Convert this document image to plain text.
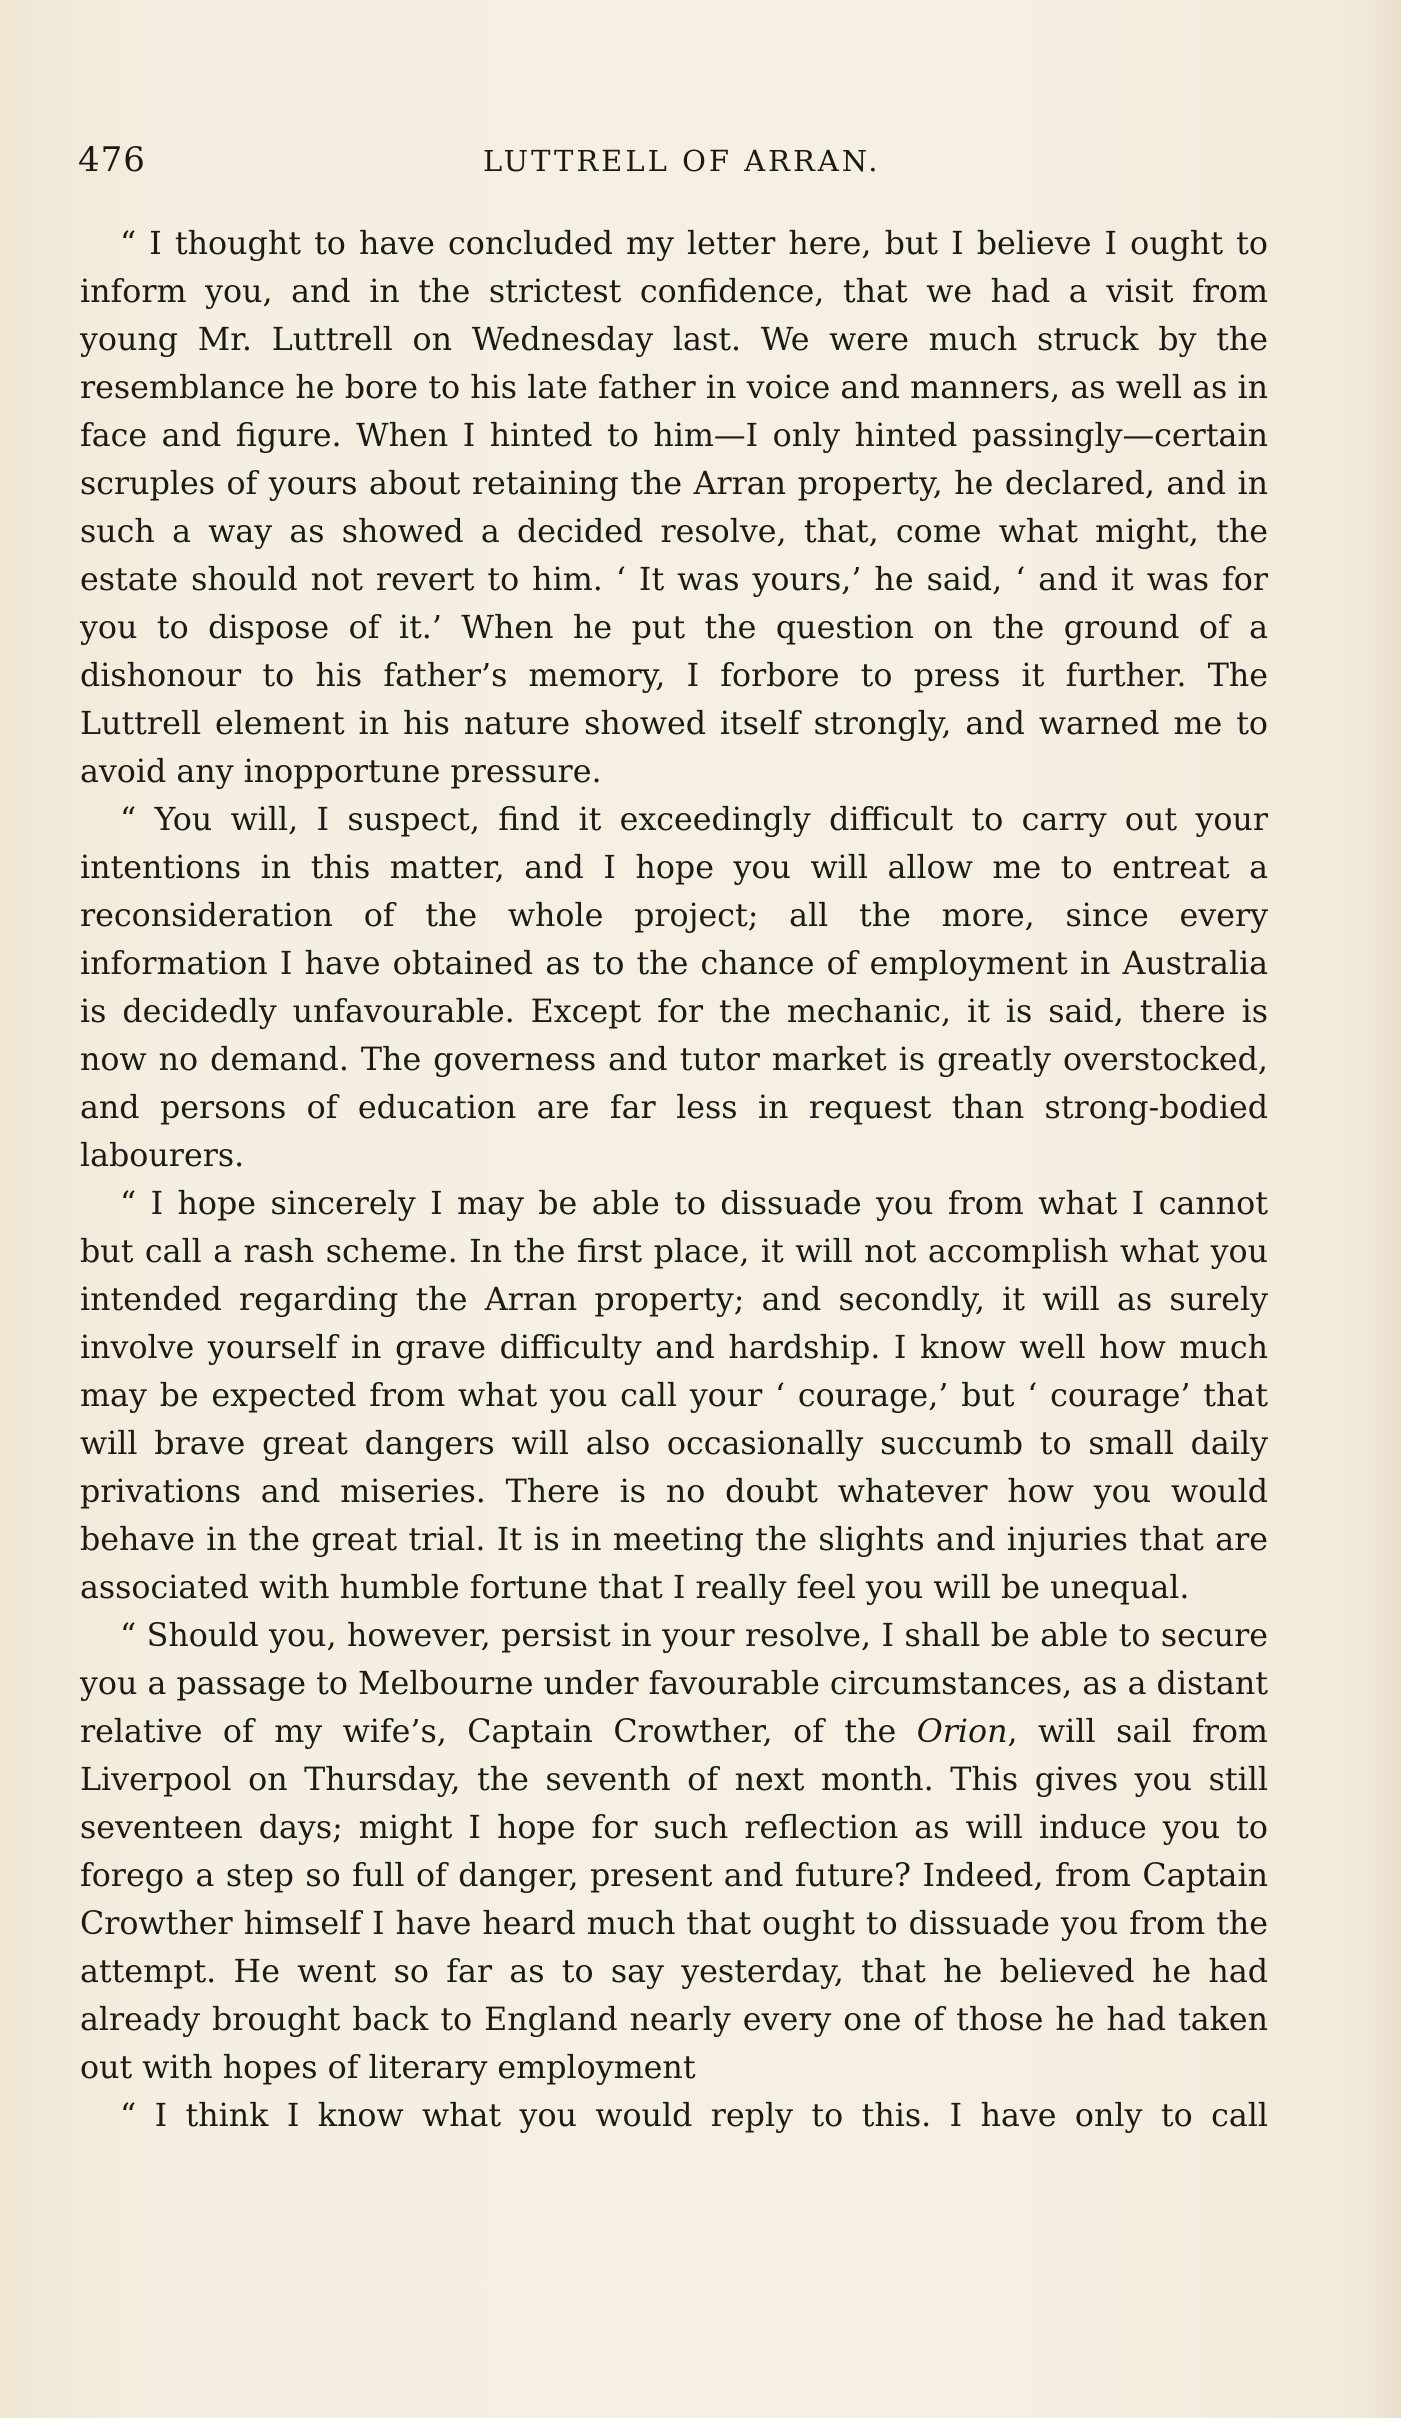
476	LUTTRELL OF ARRAN.

“ I thought to have concluded my letter here, but I believe I ought to inform you, and in the strictest confidence, that we had a visit from young Mr. Luttrell on Wednesday last. We were much struck by the resemblance he bore to his late father in voice and manners, as well as in face and figure. When I hinted to him—I only hinted passingly—certain scruples of yours about retaining the Arran property, he declared, and in such a way as showed a decided resolve, that, come what might, the estate should not revert to him. ‘ It was yours,’ he said, ‘ and it was for you to dispose of it.’ When he put the question on the ground of a dishonour to his father’s memory, I forbore to press it further. The Luttrell element in his nature showed itself strongly, and warned me to avoid any inopportune pressure.

“ You will, I suspect, find it exceedingly difficult to carry out your intentions in this matter, and I hope you will allow me to entreat a reconsideration of the whole project; all the more, since every information I have obtained as to the chance of employment in Australia is decidedly unfavourable. Except for the mechanic, it is said, there is now no demand. The governess and tutor market is greatly overstocked, and persons of education are far less in request than strong-bodied labourers.

“ I hope sincerely I may be able to dissuade you from what I cannot but call a rash scheme. In the first place, it will not accomplish what you intended regarding the Arran property; and secondly, it will as surely involve yourself in grave difficulty and hardship. I know well how much may be expected from what you call your ‘ courage,’ but ‘ courage’ that will brave great dangers will also occasionally succumb to small daily privations and miseries. There is no doubt whatever how you would behave in the great trial. It is in meeting the slights and injuries that are associated with humble fortune that I really feel you will be unequal.

“ Should you, however, persist in your resolve, I shall be able to secure you a passage to Melbourne under favourable circumstances, as a distant relative of my wife’s, Captain Crowther, of the Orion, will sail from Liverpool on Thursday, the seventh of next month. This gives you still seventeen days; might I hope for such reflection as will induce you to forego a step so full of danger, present and future? Indeed, from Captain Crowther himself I have heard much that ought to dissuade you from the attempt. He went so far as to say yesterday, that he believed he had already brought back to England nearly every one of those he had taken out with hopes of literary employment

“ I think I know what you would reply to this. I have only to call
